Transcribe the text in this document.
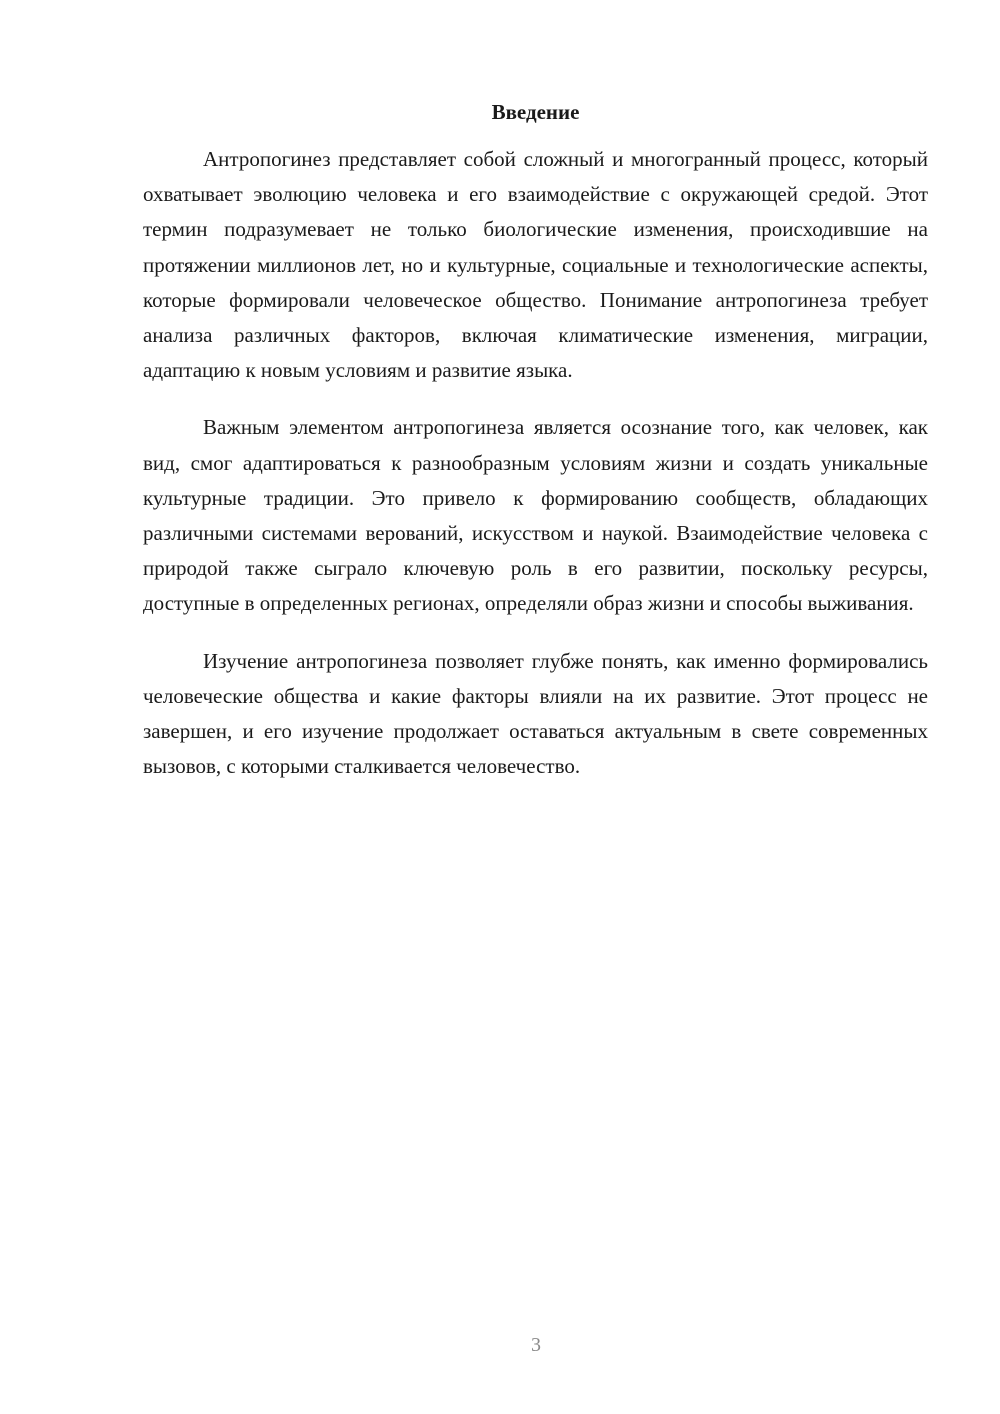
Введение

Антропогинез представляет собой сложный и многогранный процесс, который охватывает эволюцию человека и его взаимодействие с окружающей средой. Этот термин подразумевает не только биологические изменения, происходившие на протяжении миллионов лет, но и культурные, социальные и технологические аспекты, которые формировали человеческое общество. Понимание антропогинеза требует анализа различных факторов, включая климатические изменения, миграции, адаптацию к новым условиям и развитие языка.

Важным элементом антропогинеза является осознание того, как человек, как вид, смог адаптироваться к разнообразным условиям жизни и создать уникальные культурные традиции. Это привело к формированию сообществ, обладающих различными системами верований, искусством и наукой. Взаимодействие человека с природой также сыграло ключевую роль в его развитии, поскольку ресурсы, доступные в определенных регионах, определяли образ жизни и способы выживания.

Изучение антропогинеза позволяет глубже понять, как именно формировались человеческие общества и какие факторы влияли на их развитие. Этот процесс не завершен, и его изучение продолжает оставаться актуальным в свете современных вызовов, с которыми сталкивается человечество.

3
